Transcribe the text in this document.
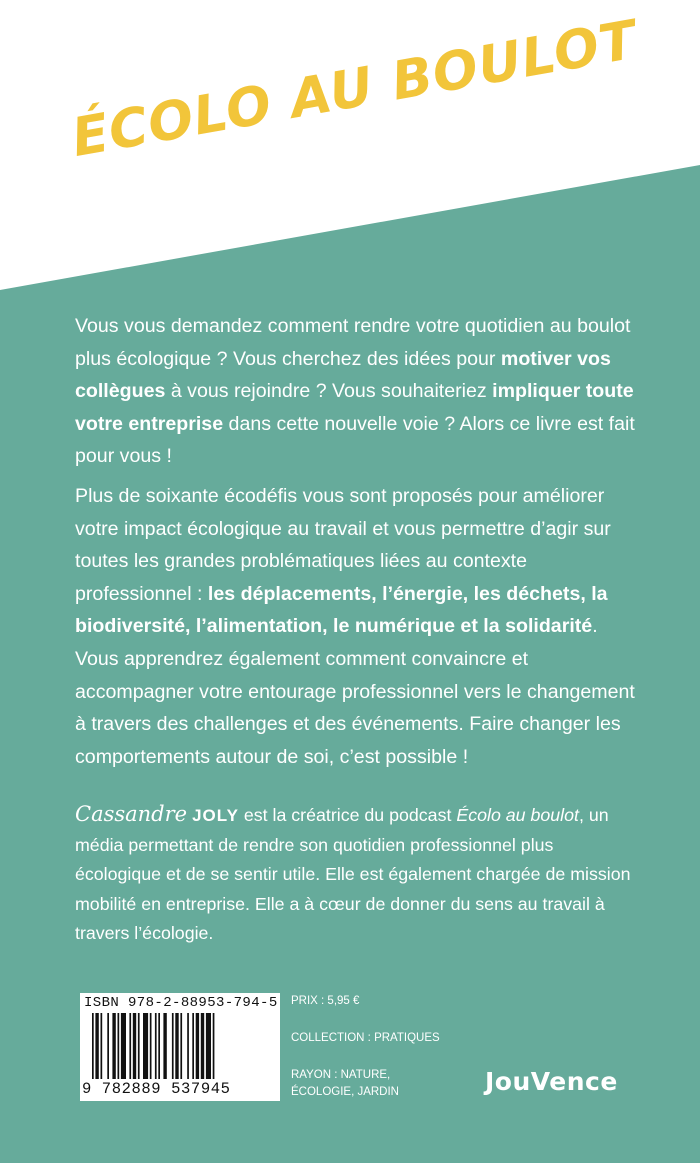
ÉCOLO AU BOULOT

Vous vous demandez comment rendre votre quotidien au boulot plus écologique ? Vous cherchez des idées pour motiver vos collègues à vous rejoindre ? Vous souhaiteriez impliquer toute votre entreprise dans cette nouvelle voie ? Alors ce livre est fait pour vous !

Plus de soixante écodéfis vous sont proposés pour améliorer votre impact écologique au travail et vous permettre d’agir sur toutes les grandes problématiques liées au contexte professionnel : les déplacements, l’énergie, les déchets, la biodiversité, l’alimentation, le numérique et la solidarité. Vous apprendrez également comment convaincre et accompagner votre entourage professionnel vers le changement à travers des challenges et des événements. Faire changer les comportements autour de soi, c’est possible !

Cassandre JOLY est la créatrice du podcast Écolo au boulot, un média permettant de rendre son quotidien professionnel plus écologique et de se sentir utile. Elle est également chargée de mission mobilité en entreprise. Elle a à cœur de donner du sens au travail à travers l’écologie.

ISBN 978-2-88953-794-5
9 782889 537945

PRIX : 5,95 €

COLLECTION : PRATIQUES

RAYON : NATURE, ÉCOLOGIE, JARDIN	JouVence
